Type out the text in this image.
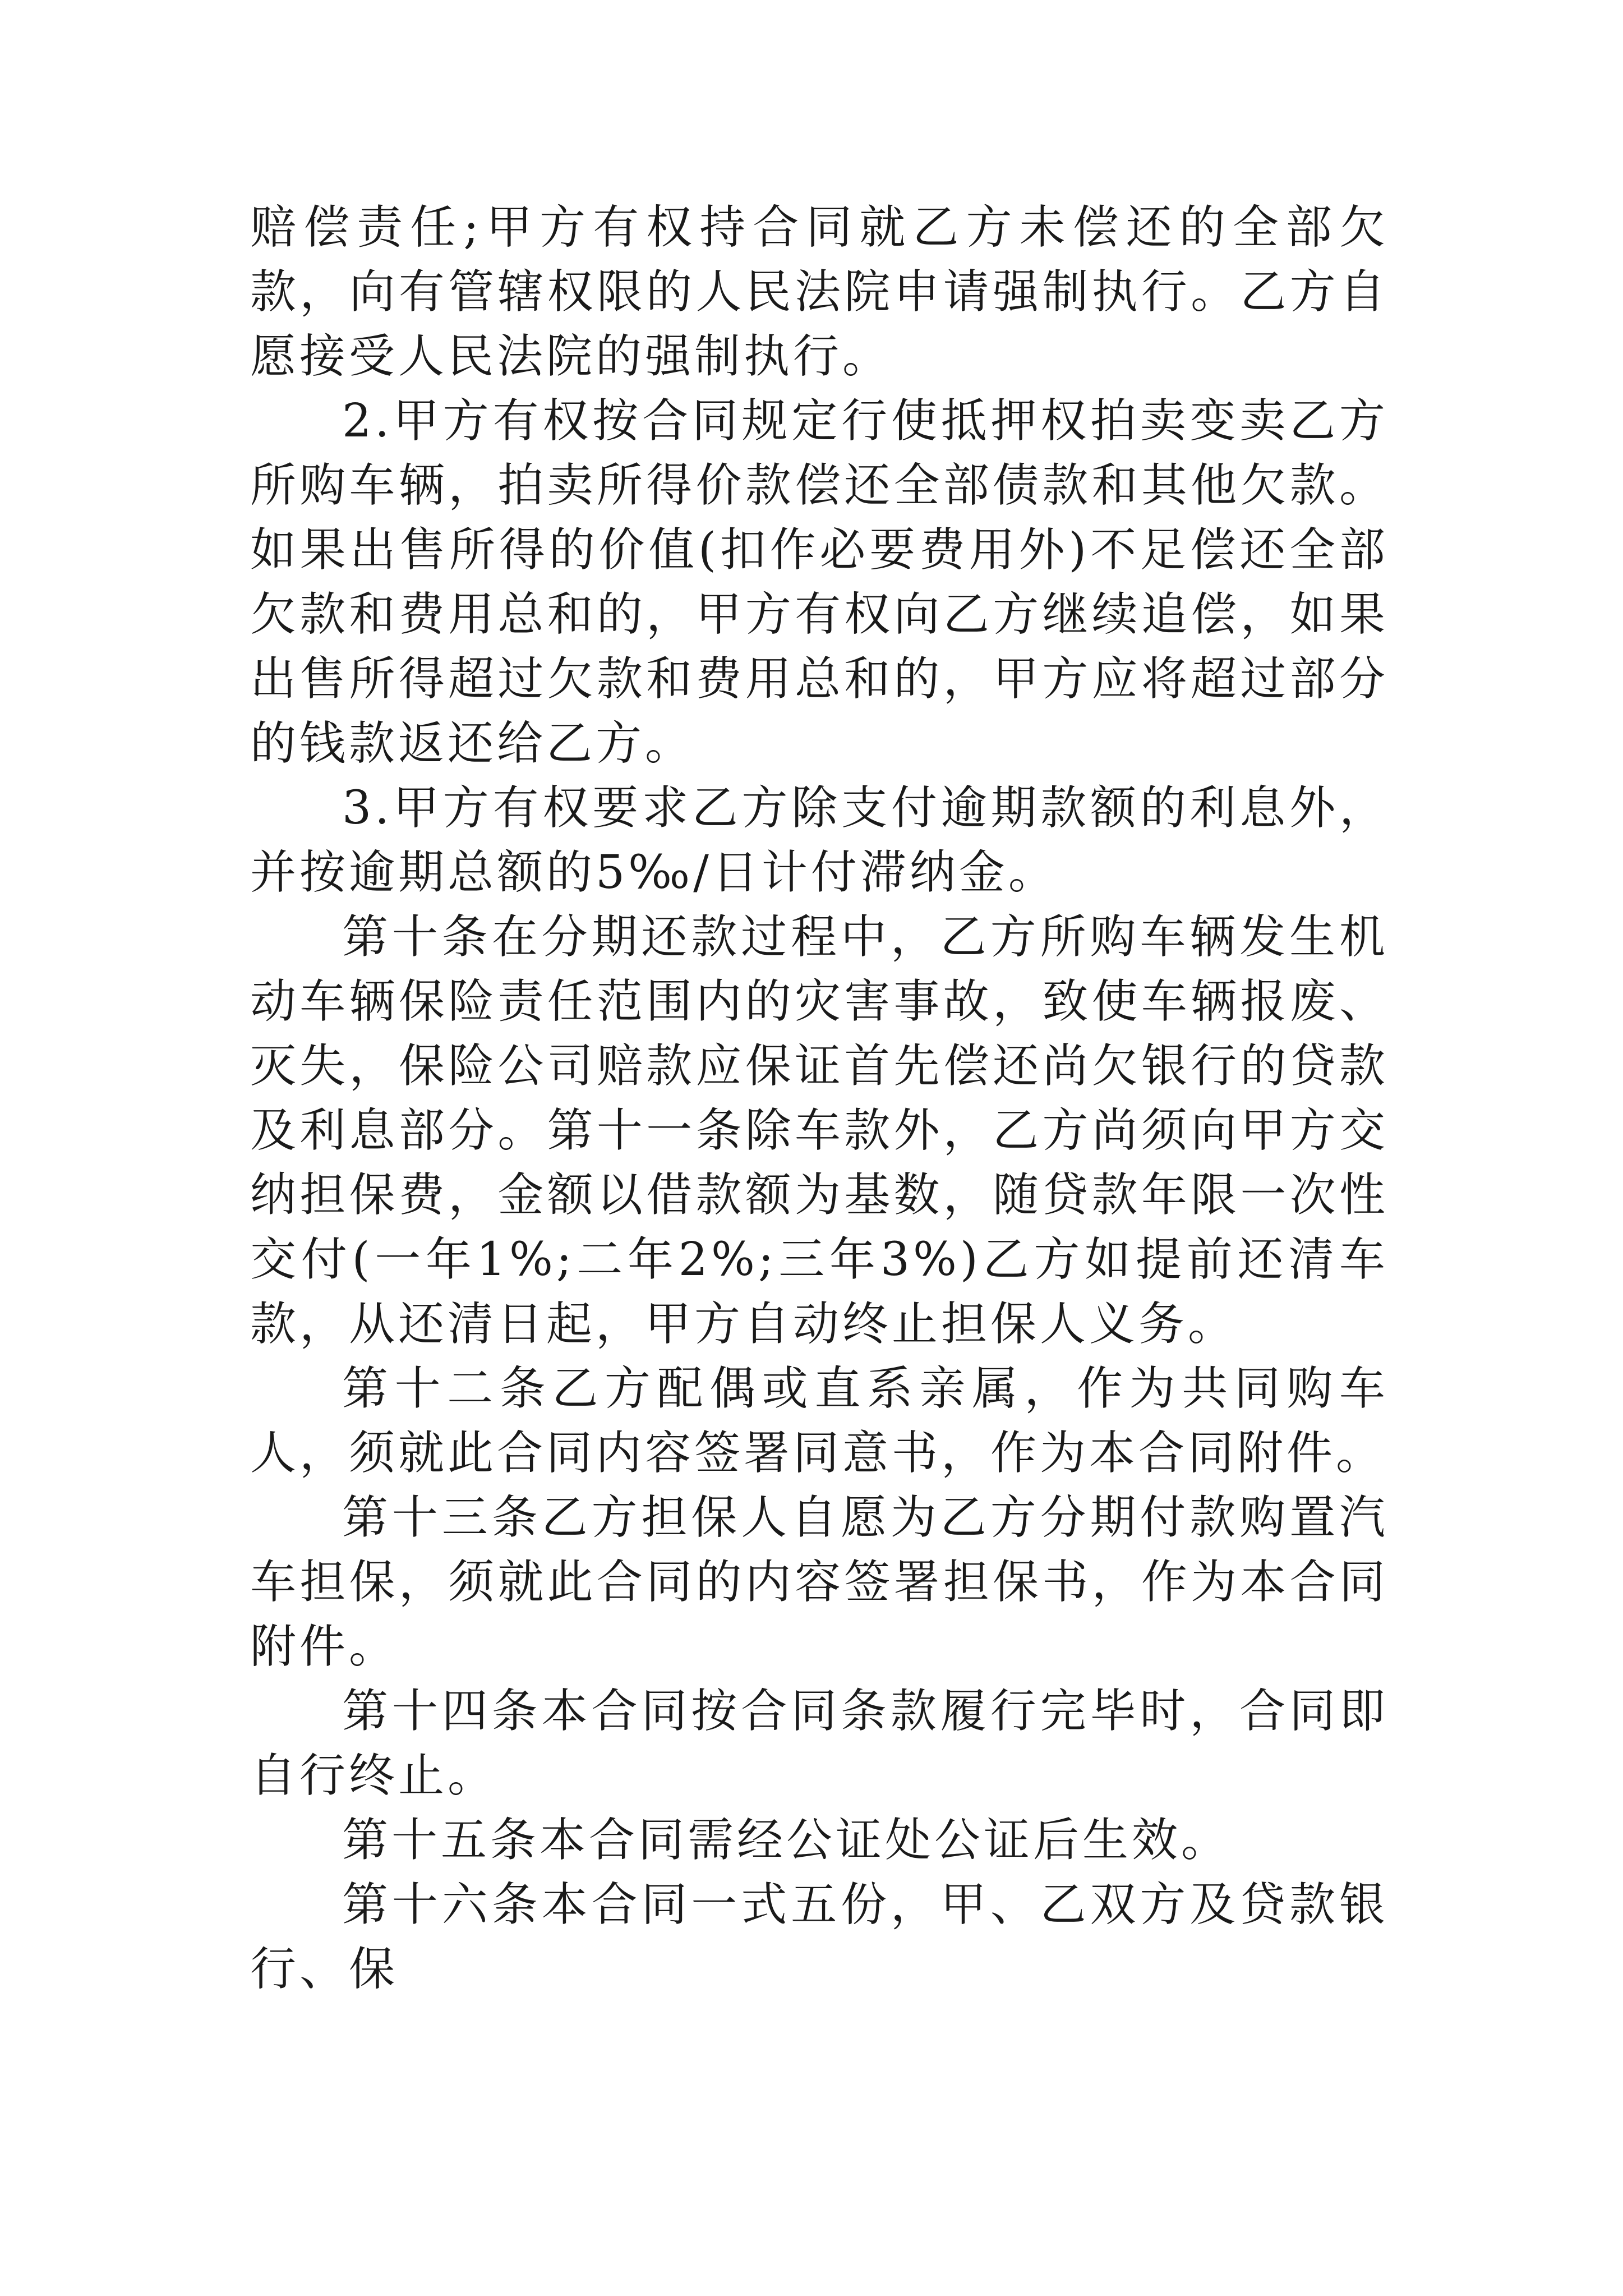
赔偿责任;甲方有权持合同就乙方未偿还的全部欠款，向有管辖权限的人民法院申请强制执行。乙方自愿接受人民法院的强制执行。

2.甲方有权按合同规定行使抵押权拍卖变卖乙方所购车辆，拍卖所得价款偿还全部债款和其他欠款。如果出售所得的价值(扣作必要费用外)不足偿还全部欠款和费用总和的，甲方有权向乙方继续追偿，如果出售所得超过欠款和费用总和的，甲方应将超过部分的钱款返还给乙方。

3.甲方有权要求乙方除支付逾期款额的利息外，并按逾期总额的5‰/日计付滞纳金。

第十条在分期还款过程中，乙方所购车辆发生机动车辆保险责任范围内的灾害事故，致使车辆报废、灭失，保险公司赔款应保证首先偿还尚欠银行的贷款及利息部分。第十一条除车款外，乙方尚须向甲方交纳担保费，金额以借款额为基数，随贷款年限一次性交付(一年1%;二年2%;三年3%)乙方如提前还清车款，从还清日起，甲方自动终止担保人义务。

第十二条乙方配偶或直系亲属，作为共同购车人，须就此合同内容签署同意书，作为本合同附件。

第十三条乙方担保人自愿为乙方分期付款购置汽车担保，须就此合同的内容签署担保书，作为本合同附件。

第十四条本合同按合同条款履行完毕时，合同即自行终止。

第十五条本合同需经公证处公证后生效。

第十六条本合同一式五份，甲、乙双方及贷款银行、保
